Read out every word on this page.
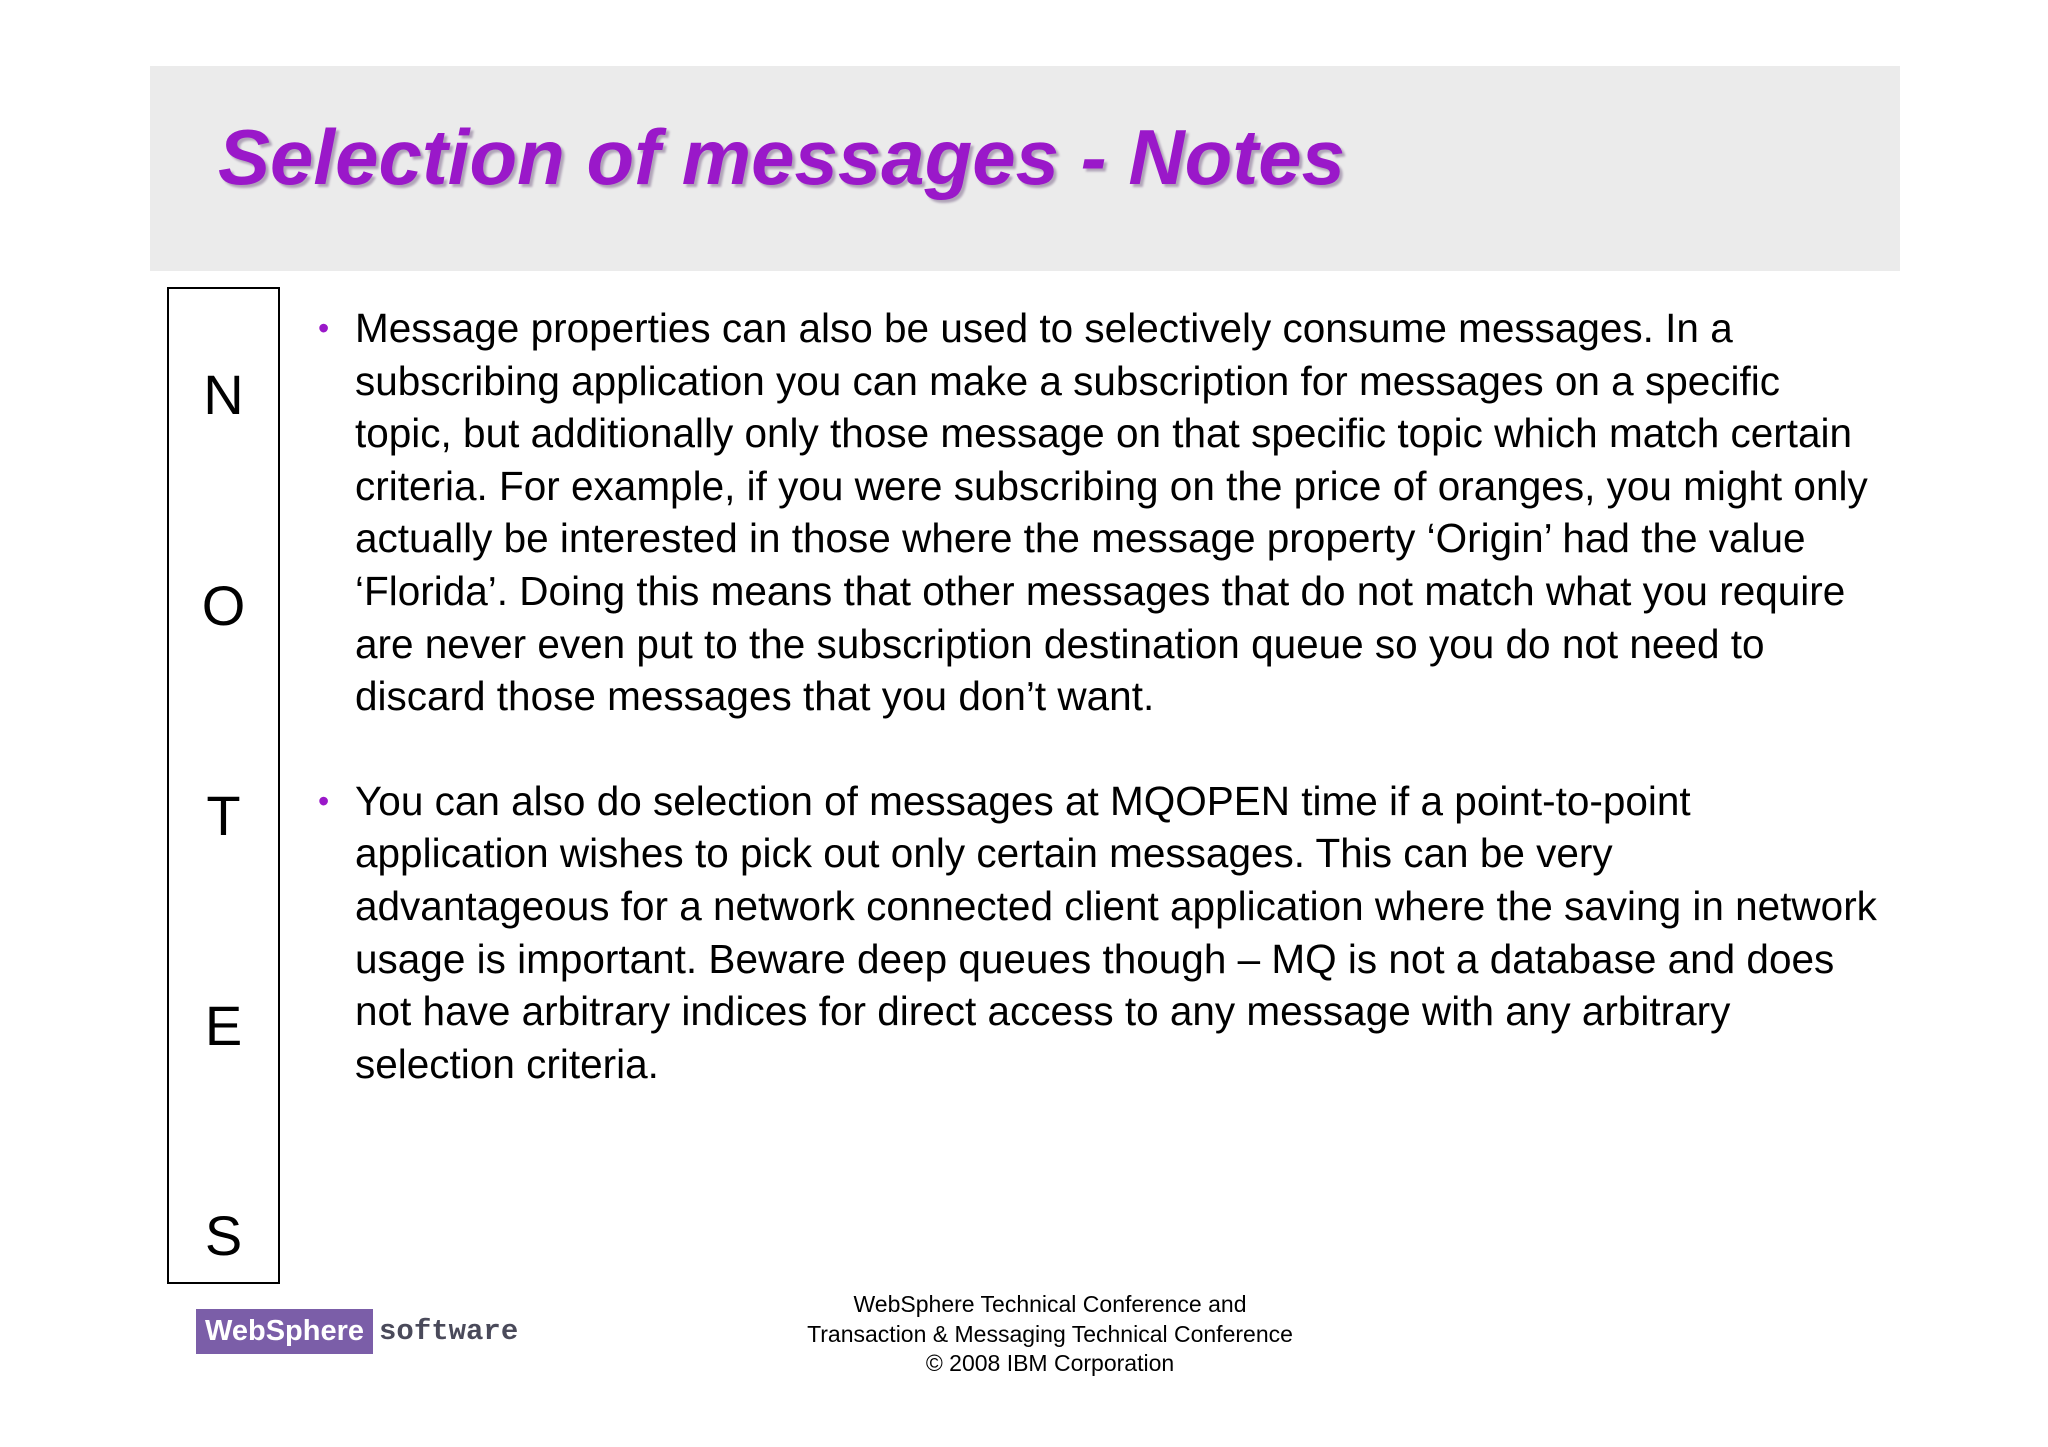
Selection of messages - Notes
N
O
T
E
S

• Message properties can also be used to selectively consume messages. In a subscribing application you can make a subscription for messages on a specific topic, but additionally only those message on that specific topic which match certain criteria. For example, if you were subscribing on the price of oranges, you might only actually be interested in those where the message property ‘Origin’ had the value ‘Florida’. Doing this means that other messages that do not match what you require are never even put to the subscription destination queue so you do not need to discard those messages that you don’t want.

• You can also do selection of messages at MQOPEN time if a point-to-point application wishes to pick out only certain messages. This can be very advantageous for a network connected client application where the saving in network usage is important. Beware deep queues though – MQ is not a database and does not have arbitrary indices for direct access to any message with any arbitrary selection criteria.

WebSphere software
WebSphere Technical Conference and
Transaction & Messaging Technical Conference
© 2008 IBM Corporation
